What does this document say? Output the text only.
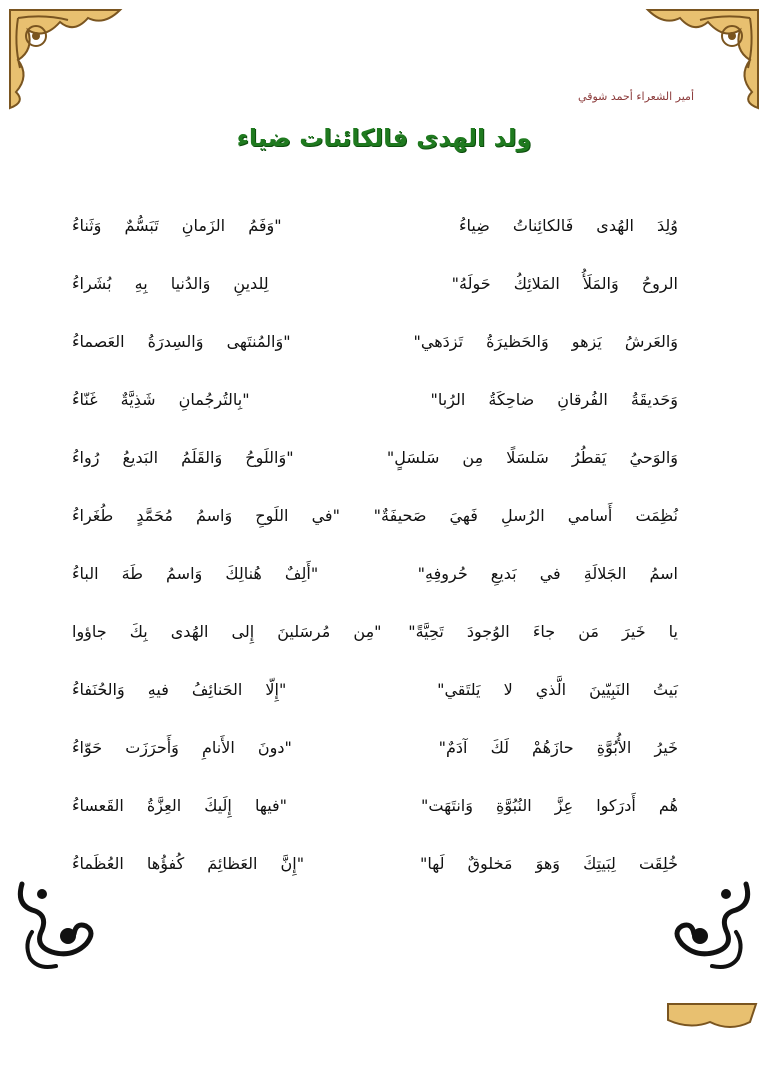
أمير الشعراء أحمد شوقي
ولد الهدى فالكائنات ضياء
وُلِدَ الهُدى فَالكائِناتُ ضِياءُ
"وَفَمُ الزَمانِ تَبَسُّمٌ وَثَناءُ
الروحُ وَالمَلَأُ المَلائِكُ حَولَهُ"
لِلدينِ وَالدُنيا بِهِ بُشَراءُ
وَالعَرشُ يَزهو وَالحَظيرَةُ تَزدَهي"
"وَالمُنتَهى وَالسِدرَةُ العَصماءُ
وَحَديقَةُ الفُرقانِ ضاحِكَةُ الرُبا"
"بِالتُرجُمانِ شَذِيَّةٌ غَنّاءُ
وَالوَحيُ يَقطُرُ سَلسَلًا مِن سَلسَلٍ"
"وَاللَوحُ وَالقَلَمُ البَديعُ رُواءُ
نُظِمَت أَسامي الرُسلِ فَهيَ صَحيفَةٌ"
"في اللَوحِ وَاسمُ مُحَمَّدٍ طُغَراءُ
اسمُ الجَلالَةِ في بَديعِ حُروفِهِ"
"أَلِفٌ هُنالِكَ وَاسمُ طَهَ الباءُ
يا خَيرَ مَن جاءَ الوُجودَ تَحِيَّةً"
"مِن مُرسَلينَ إِلى الهُدى بِكَ جاؤوا
بَيتُ النَبِيّينَ الَّذي لا يَلتَقي"
"إِلّا الحَنائِفُ فيهِ وَالحُنَفاءُ
خَيرُ الأُبُوَّةِ حازَهُمْ لَكَ آدَمٌ"
"دونَ الأَنامِ وَأَحرَزَت حَوّاءُ
هُم أَدرَكوا عِزَّ النُبُوَّةِ وَانتَهَت"
"فيها إِلَيكَ العِزَّةُ القَعساءُ
خُلِقَت لِبَيتِكَ وَهوَ مَخلوقٌ لَها"
"إِنَّ العَظائِمَ كُفؤُها العُظَماءُ
